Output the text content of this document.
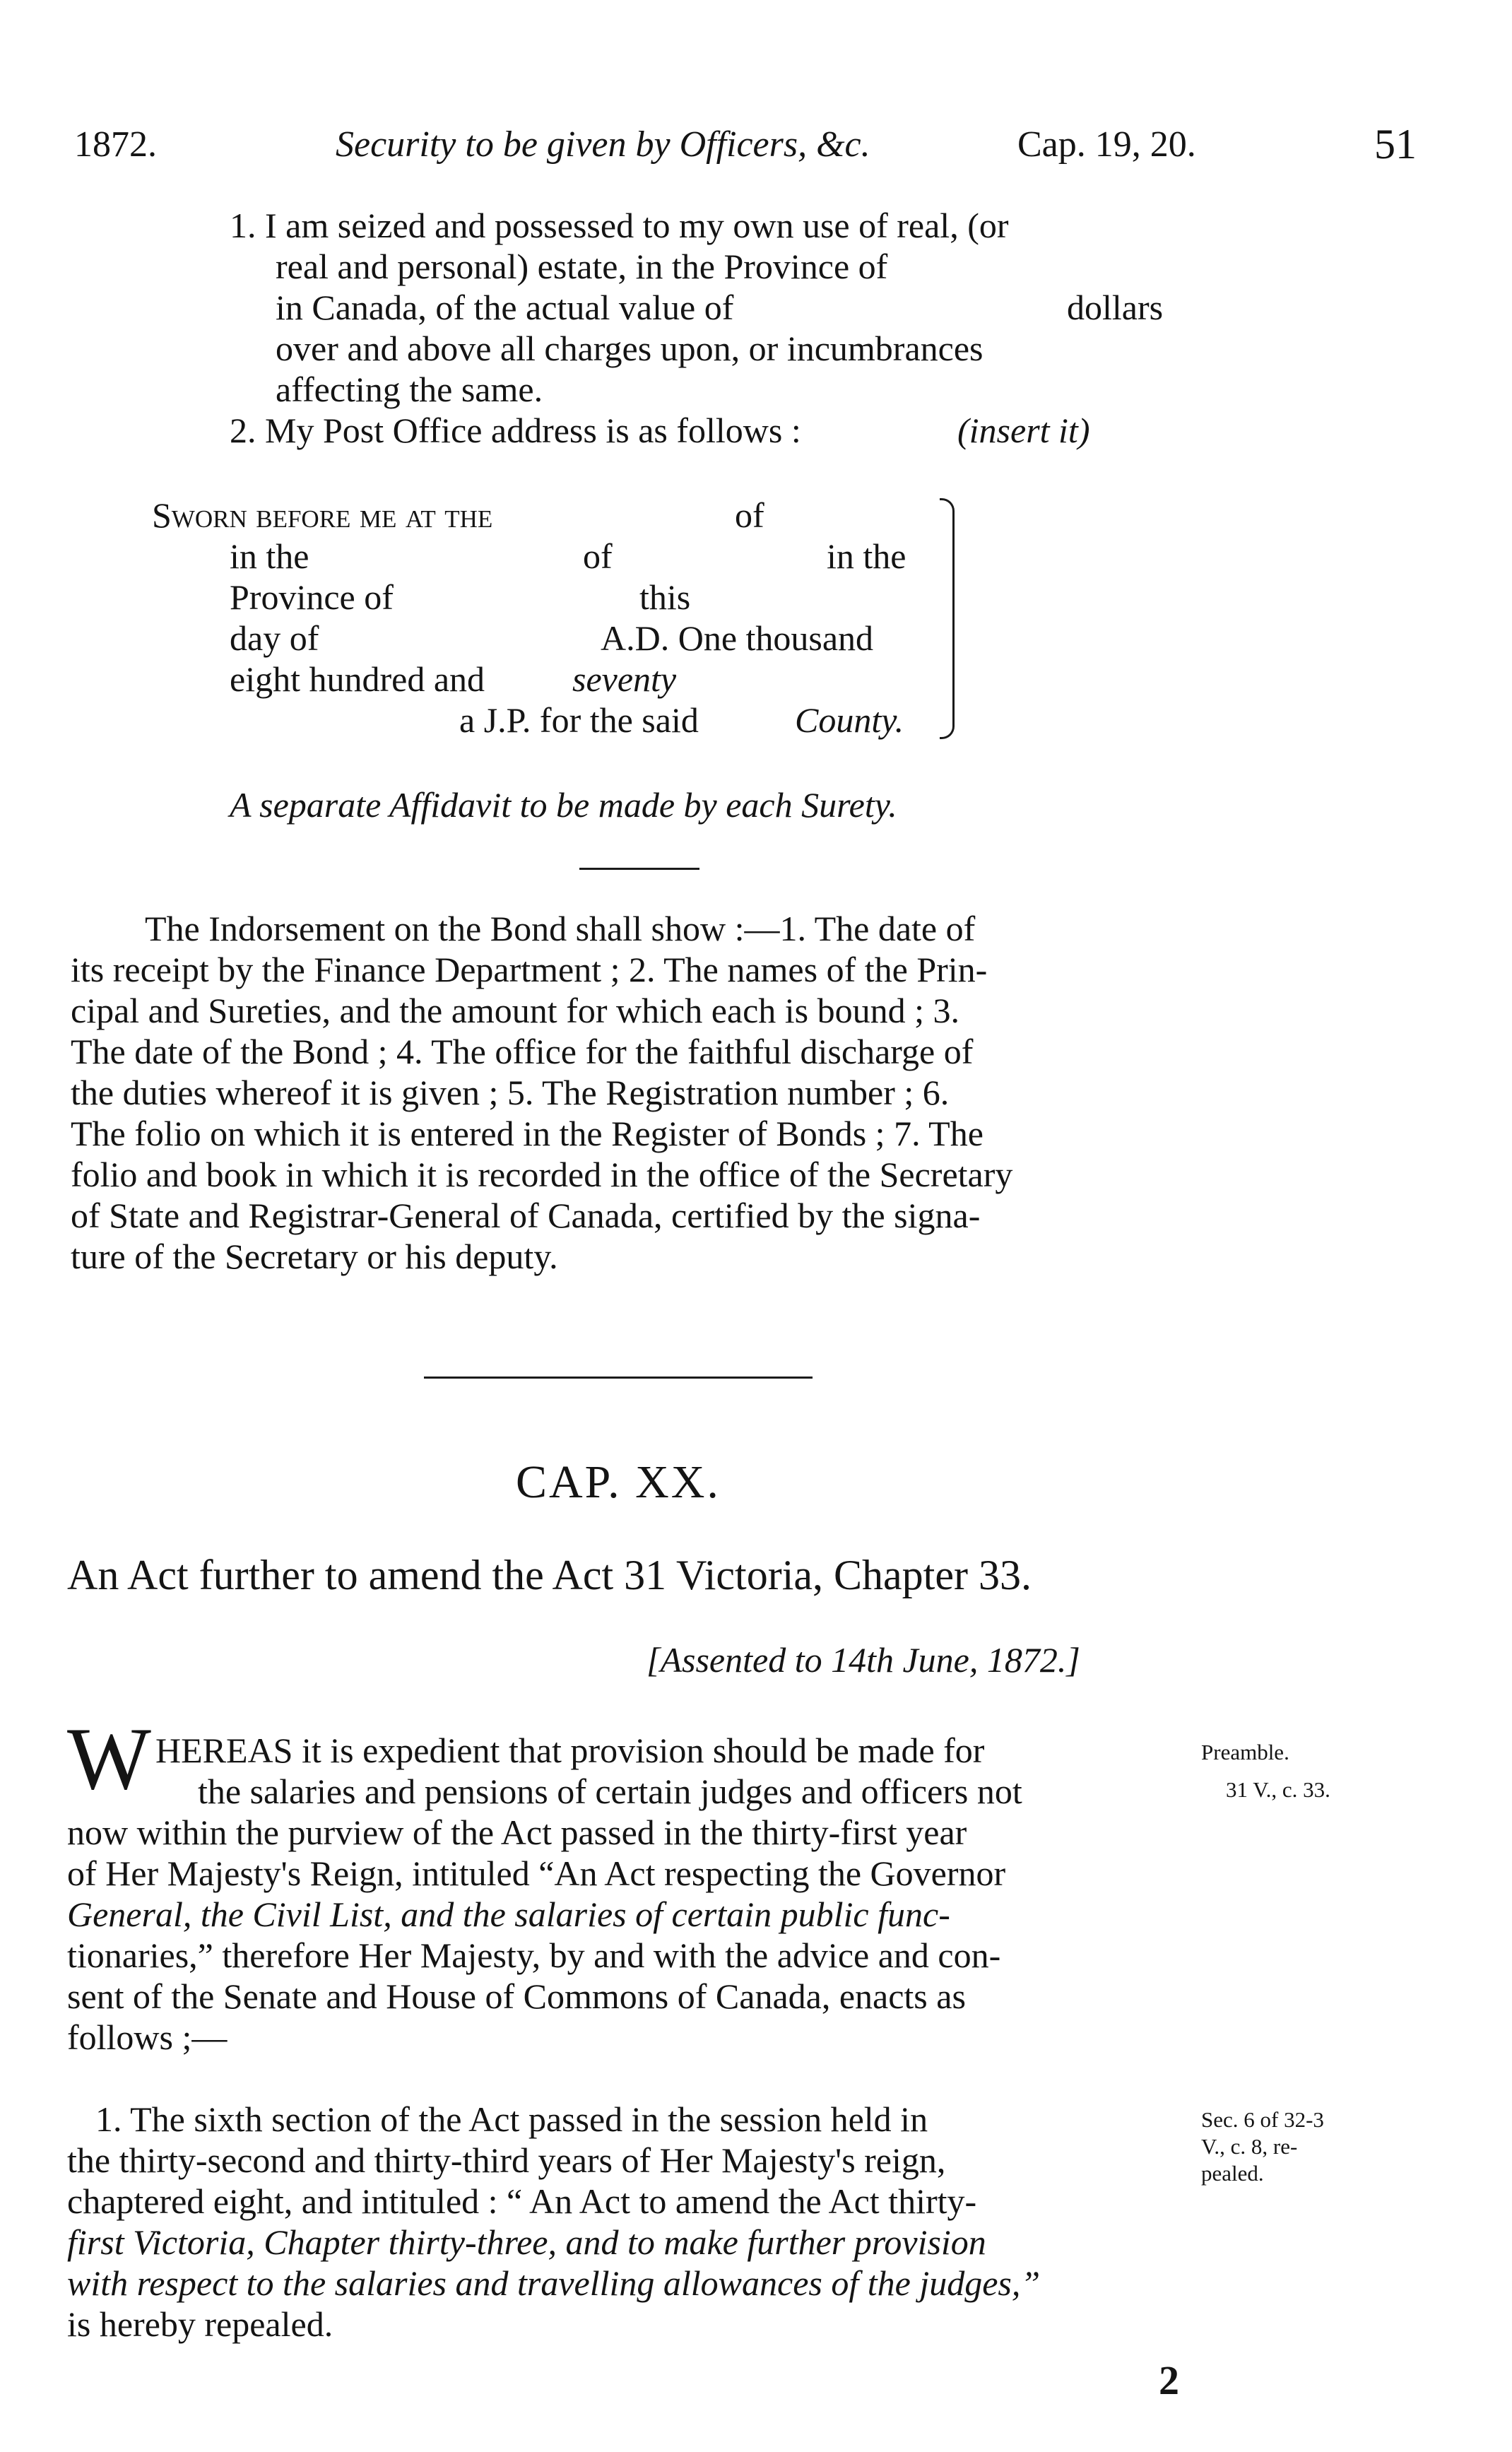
1872.	Security to be given by Officers, &c.	Cap. 19, 20.	51
1. I am seized and possessed to my own use of real, (or
real and personal) estate, in the Province of
in Canada, of the actual value of	dollars
over and above all charges upon, or incumbrances
affecting the same.
2. My Post Office address is as follows :	(insert it)
Sworn before me at the	of
in the	of	in the
Province of	this
day of	A.D. One thousand
eight hundred and seventy
a J.P. for the said	County.
A separate Affidavit to be made by each Surety.
The Indorsement on the Bond shall show :—1. The date of
its receipt by the Finance Department ; 2. The names of the Prin-
cipal and Sureties, and the amount for which each is bound ; 3.
The date of the Bond ; 4. The office for the faithful discharge of
the duties whereof it is given ; 5. The Registration number ; 6.
The folio on which it is entered in the Register of Bonds ; 7. The
folio and book in which it is recorded in the office of the Secretary
of State and Registrar-General of Canada, certified by the signa-
ture of the Secretary or his deputy.
CAP. XX.
An Act further to amend the Act 31 Victoria, Chapter 33.
[Assented to 14th June, 1872.]
W HEREAS it is expedient that provision should be made for
the salaries and pensions of certain judges and officers not
now within the purview of the Act passed in the thirty-first year
of Her Majesty's Reign, intituled “An Act respecting the Governor
General, the Civil List, and the salaries of certain public func-
tionaries,” therefore Her Majesty, by and with the advice and con-
sent of the Senate and House of Commons of Canada, enacts as
follows ;—
Preamble.
31 V., c. 33.
1. The sixth section of the Act passed in the session held in
the thirty-second and thirty-third years of Her Majesty's reign,
chaptered eight, and intituled : “ An Act to amend the Act thirty-
first Victoria, Chapter thirty-three, and to make further provision
with respect to the salaries and travelling allowances of the judges,”
is hereby repealed.
Sec. 6 of 32-3
V., c. 8, re-
pealed.
2
